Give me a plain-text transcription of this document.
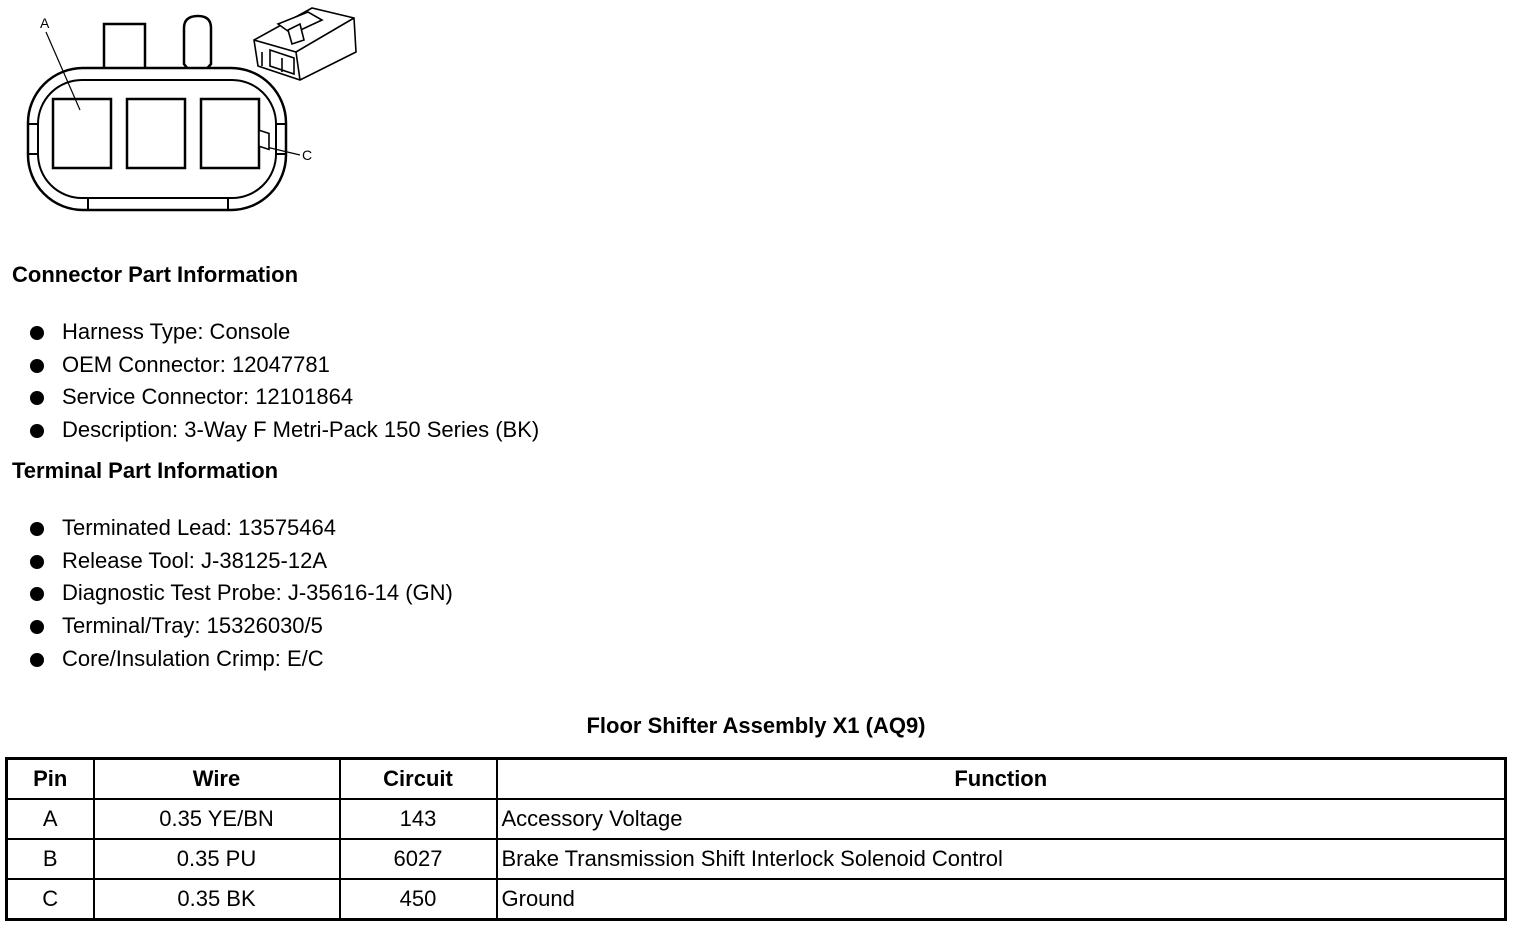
A
C
Connector Part Information
Harness Type: Console
OEM Connector: 12047781
Service Connector: 12101864
Description: 3-Way F Metri-Pack 150 Series (BK)
Terminal Part Information
Terminated Lead: 13575464
Release Tool: J-38125-12A
Diagnostic Test Probe: J-35616-14 (GN)
Terminal/Tray: 15326030/5
Core/Insulation Crimp: E/C
Floor Shifter Assembly X1 (AQ9)
Pin	Wire	Circuit	Function
A	0.35 YE/BN	143	Accessory Voltage
B	0.35 PU	6027	Brake Transmission Shift Interlock Solenoid Control
C	0.35 BK	450	Ground
